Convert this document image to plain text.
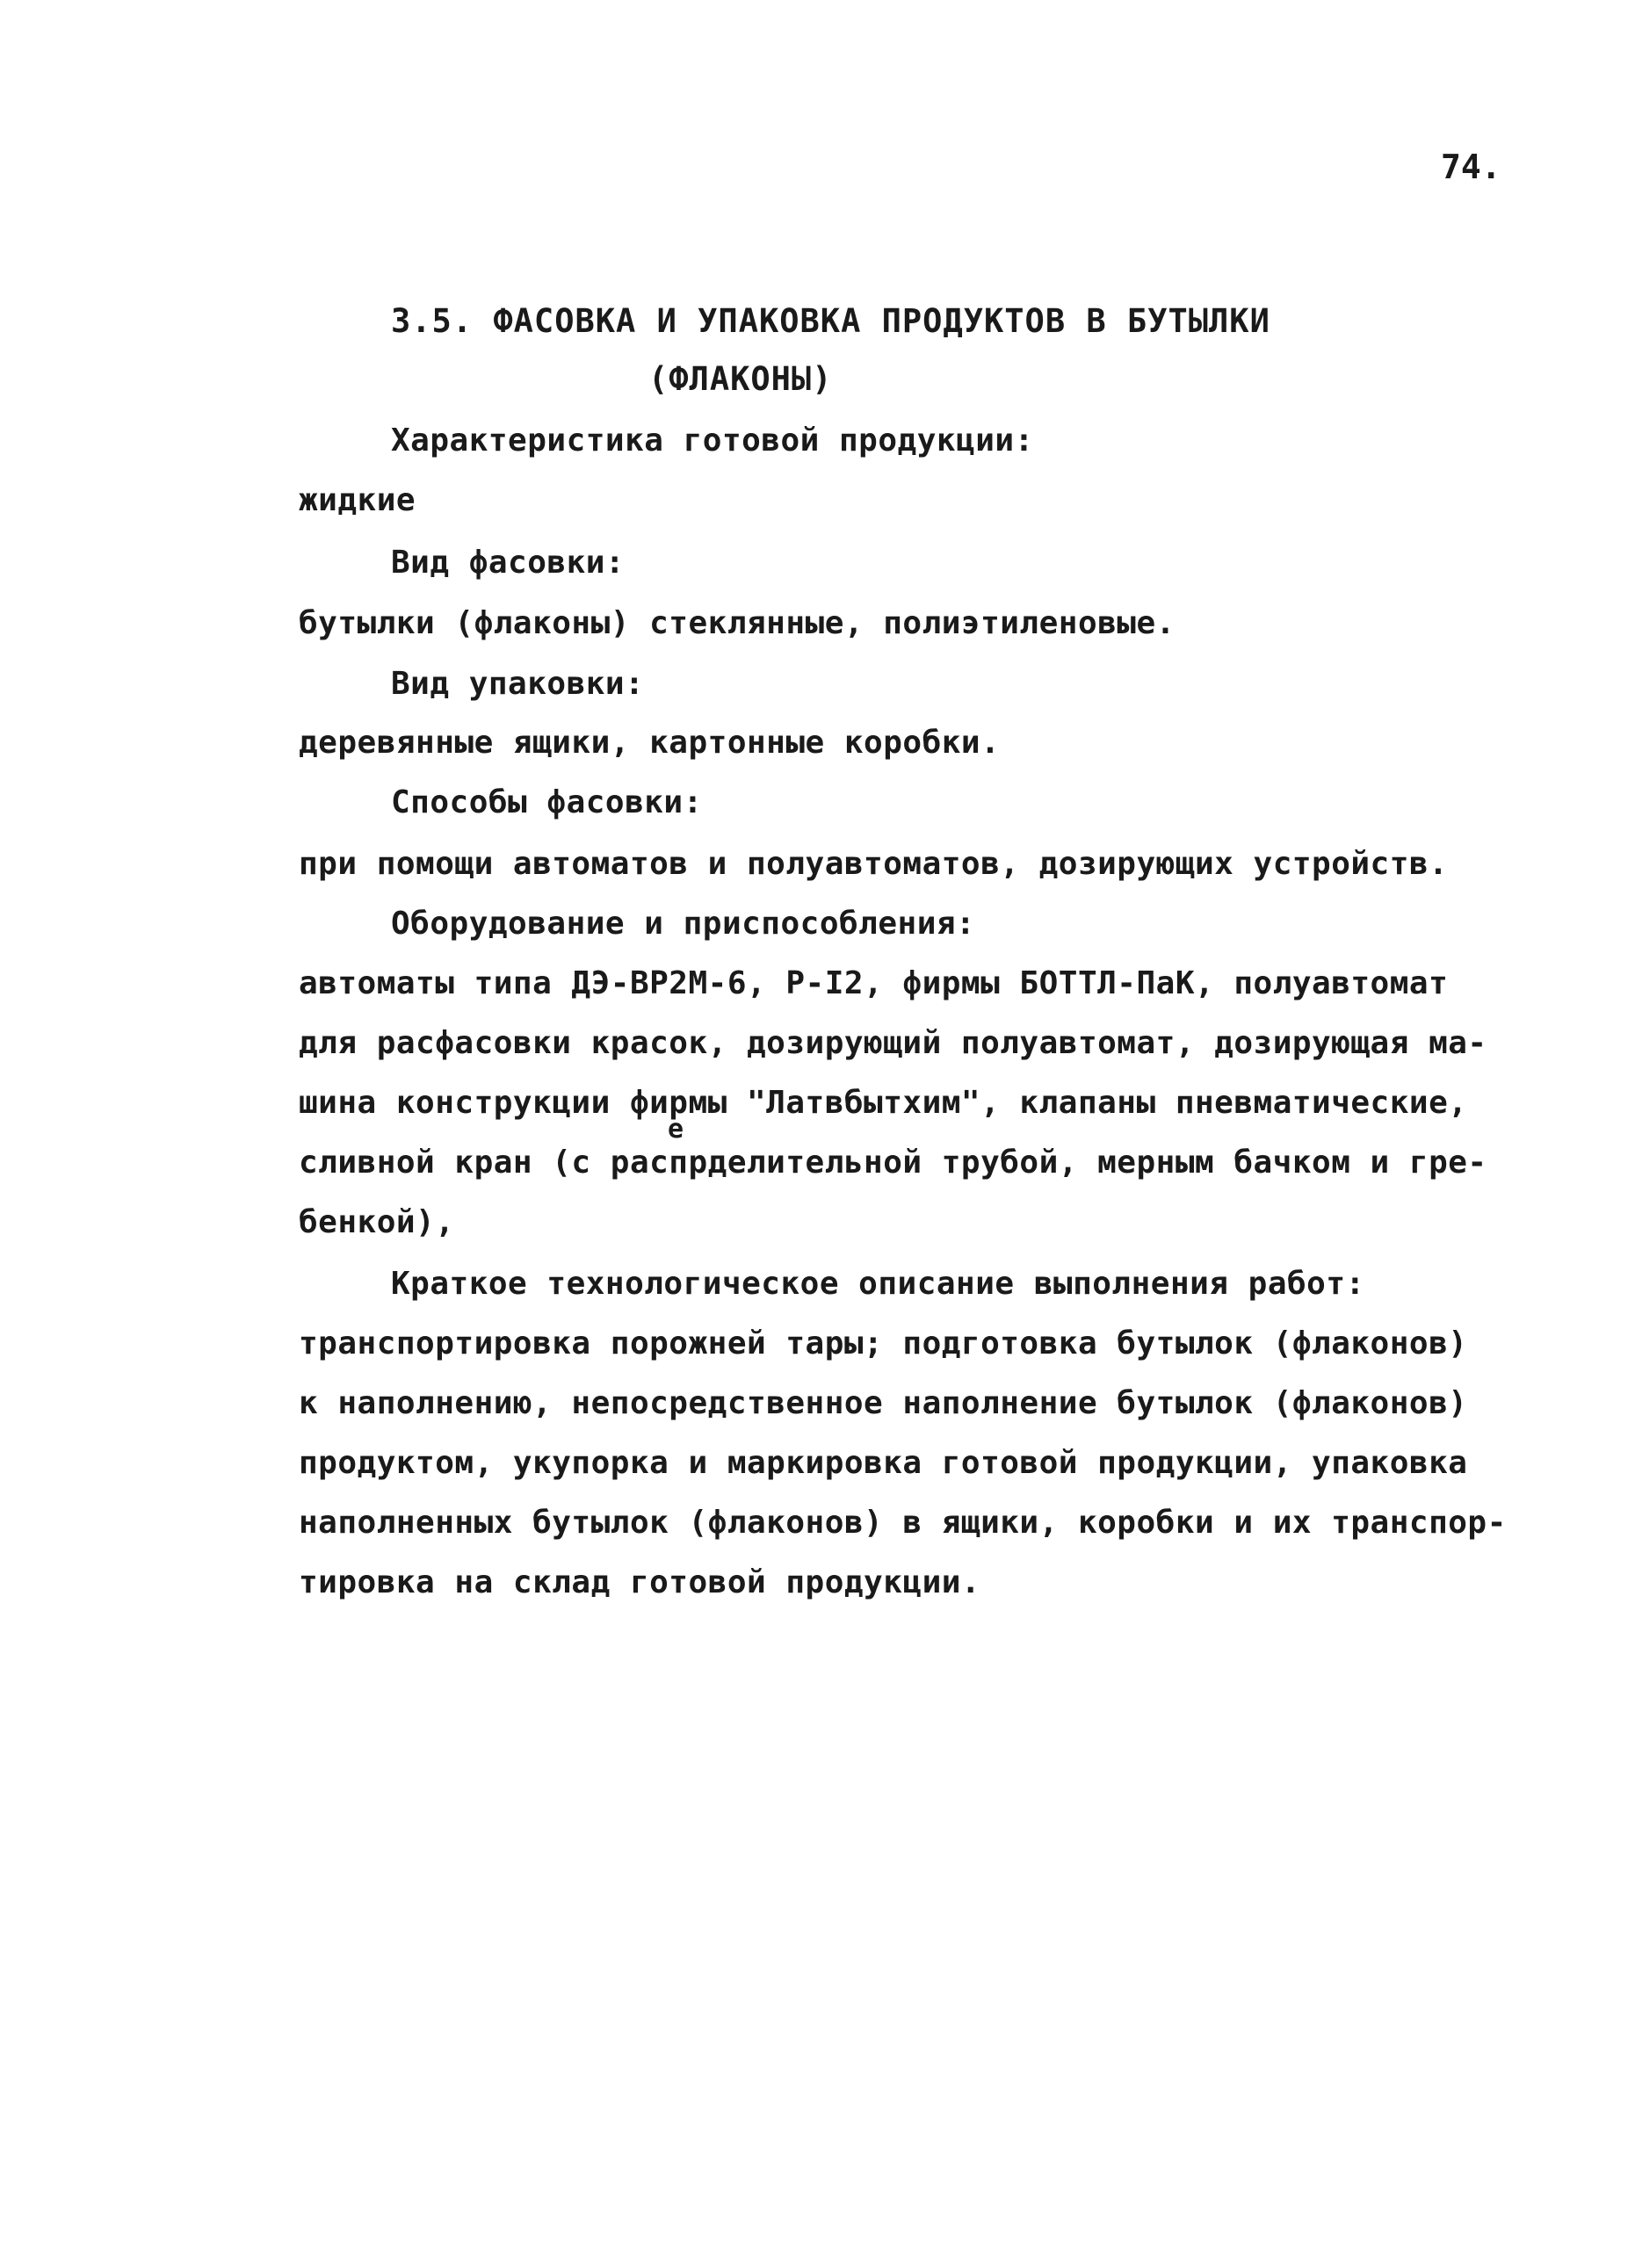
74.
3.5. ФАСОВКА И УПАКОВКА ПРОДУКТОВ В БУТЫЛКИ
(ФЛАКОНЫ)
Характеристика готовой продукции:
жидкие
Вид фасовки:
бутылки (флаконы) стеклянные, полиэтиленовые.
Вид упаковки:
деревянные ящики, картонные коробки.
Способы фасовки:
при помощи автоматов и полуавтоматов, дозирующих устройств.
Оборудование и приспособления:
автоматы типа ДЭ-ВР2М-6, Р-I2, фирмы БОТТЛ-ПаК, полуавтомат
для расфасовки красок, дозирующий полуавтомат, дозирующая ма-
шина конструкции фирмы "Латвбытхим", клапаны пневматические,
е
сливной кран (с распрделительной трубой, мерным бачком и гре-
бенкой),
Краткое технологическое описание выполнения работ:
транспортировка порожней тары; подготовка бутылок (флаконов)
к наполнению, непосредственное наполнение бутылок (флаконов)
продуктом, укупорка и маркировка готовой продукции, упаковка
наполненных бутылок (флаконов) в ящики, коробки и их транспор-
тировка на склад готовой продукции.
